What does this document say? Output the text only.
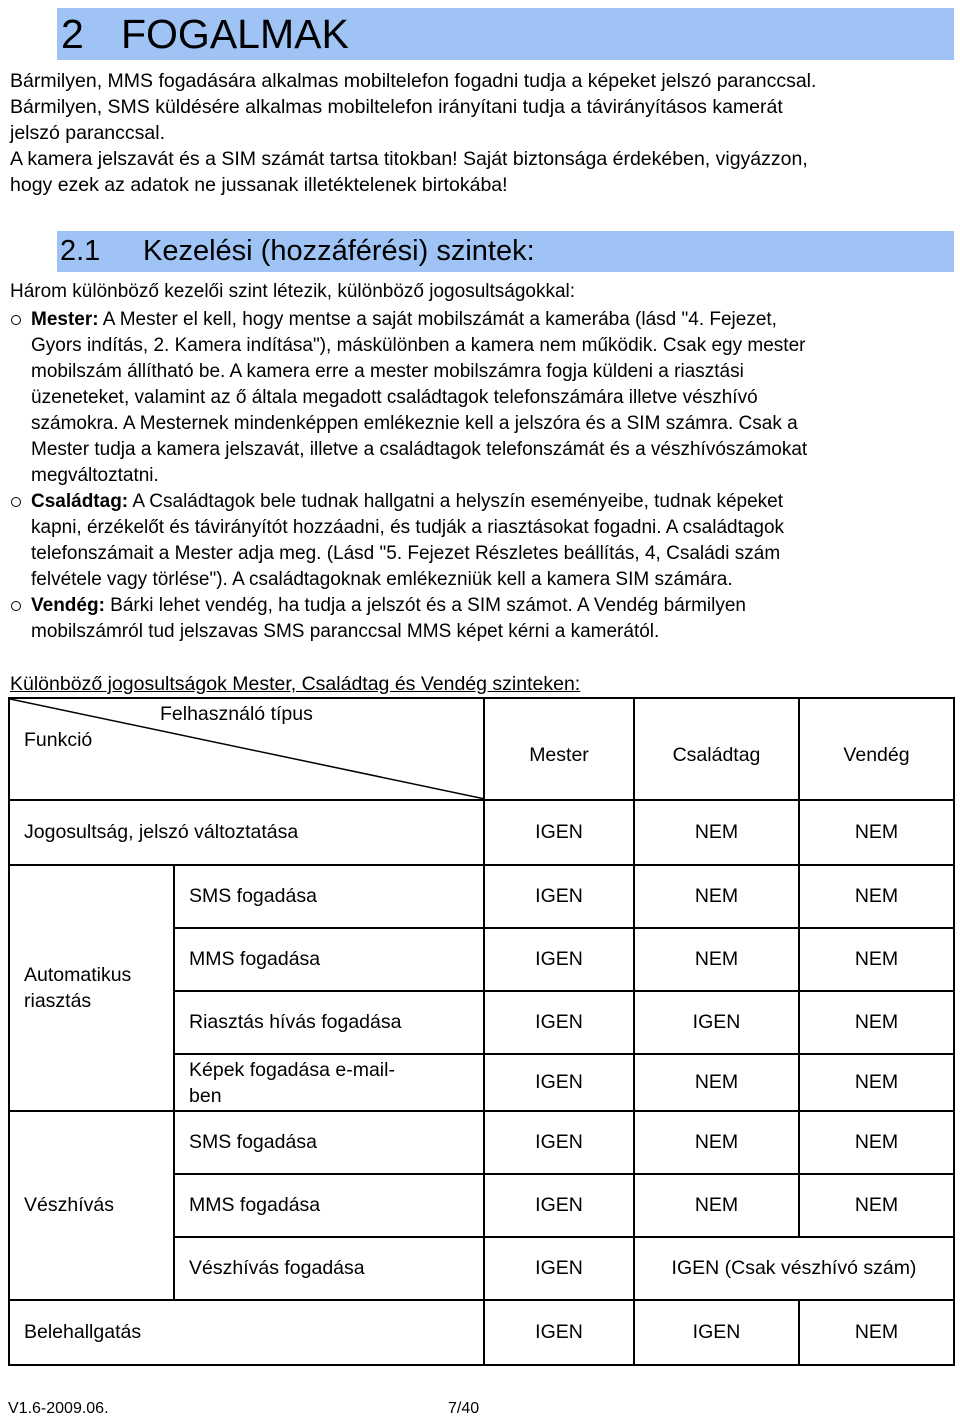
2 FOGALMAK
Bármilyen, MMS fogadására alkalmas mobiltelefon fogadni tudja a képeket jelszó paranccsal.
Bármilyen, SMS küldésére alkalmas mobiltelefon irányítani tudja a távirányításos kamerát
jelszó paranccsal.
A kamera jelszavát és a SIM számát tartsa titokban! Saját biztonsága érdekében, vigyázzon,
hogy ezek az adatok ne jussanak illetéktelenek birtokába!
2.1 Kezelési (hozzáférési) szintek:
Három különböző kezelői szint létezik, különböző jogosultságokkal:
Mester: A Mester el kell, hogy mentse a saját mobilszámát a kamerába (lásd "4. Fejezet,
Gyors indítás, 2. Kamera indítása"), máskülönben a kamera nem működik. Csak egy mester
mobilszám állítható be. A kamera erre a mester mobilszámra fogja küldeni a riasztási
üzeneteket, valamint az ő általa megadott családtagok telefonszámára illetve vészhívó
számokra. A Mesternek mindenképpen emlékeznie kell a jelszóra és a SIM számra. Csak a
Mester tudja a kamera jelszavát, illetve a családtagok telefonszámát és a vészhívószámokat
megváltoztatni.
Családtag: A Családtagok bele tudnak hallgatni a helyszín eseményeibe, tudnak képeket
kapni, érzékelőt és távirányítót hozzáadni, és tudják a riasztásokat fogadni. A családtagok
telefonszámait a Mester adja meg. (Lásd "5. Fejezet Részletes beállítás, 4, Családi szám
felvétele vagy törlése"). A családtagoknak emlékezniük kell a kamera SIM számára.
Vendég: Bárki lehet vendég, ha tudja a jelszót és a SIM számot. A Vendég bármilyen
mobilszámról tud jelszavas SMS paranccsal MMS képet kérni a kamerától.
Különböző jogosultságok Mester, Családtag és Vendég szinteken:
Felhasználó típus
Funkció		Mester	Családtag	Vendég
Jogosultság, jelszó változtatása		IGEN	NEM	NEM
Automatikus riasztás	SMS fogadása	IGEN	NEM	NEM
	MMS fogadása	IGEN	NEM	NEM
	Riasztás hívás fogadása	IGEN	IGEN	NEM
	Képek fogadása e-mail-ben	IGEN	NEM	NEM
Vészhívás	SMS fogadása	IGEN	NEM	NEM
	MMS fogadása	IGEN	NEM	NEM
	Vészhívás fogadása	IGEN	IGEN (Csak vészhívó szám)	
Belehallgatás		IGEN	IGEN	NEM
V1.6-2009.06.	7/40
